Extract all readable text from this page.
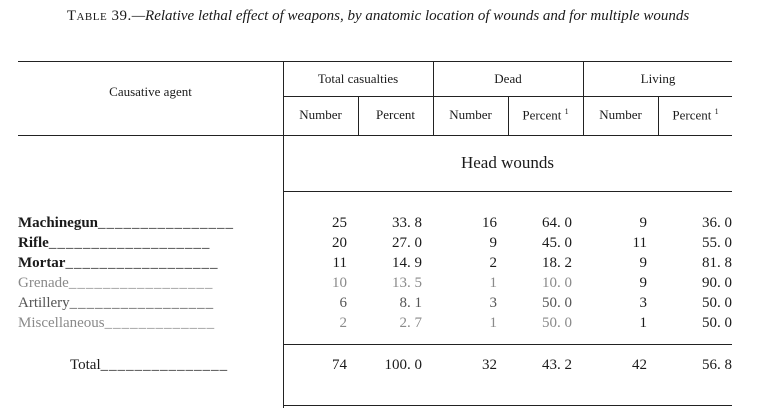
Table 39.—Relative lethal effect of weapons, by anatomic location of wounds and for multiple wounds
Causative agent
Total casualties	Dead	Living
Number	Percent	Number	Percent $^1$	Number	Percent $^1$
Head wounds
Machinegun________________	25	33. 8	16	64. 0	9	36. 0
Rifle___________________	20	27. 0	9	45. 0	11	55. 0
Mortar__________________	11	14. 9	2	18. 2	9	81. 8
Grenade_________________	10	13. 5	1	10. 0	9	90. 0
Artillery_________________	6	8. 1	3	50. 0	3	50. 0
Miscellaneous_____________	2	2. 7	1	50. 0	1	50. 0
Total_______________	74	100. 0	32	43. 2	42	56. 8
